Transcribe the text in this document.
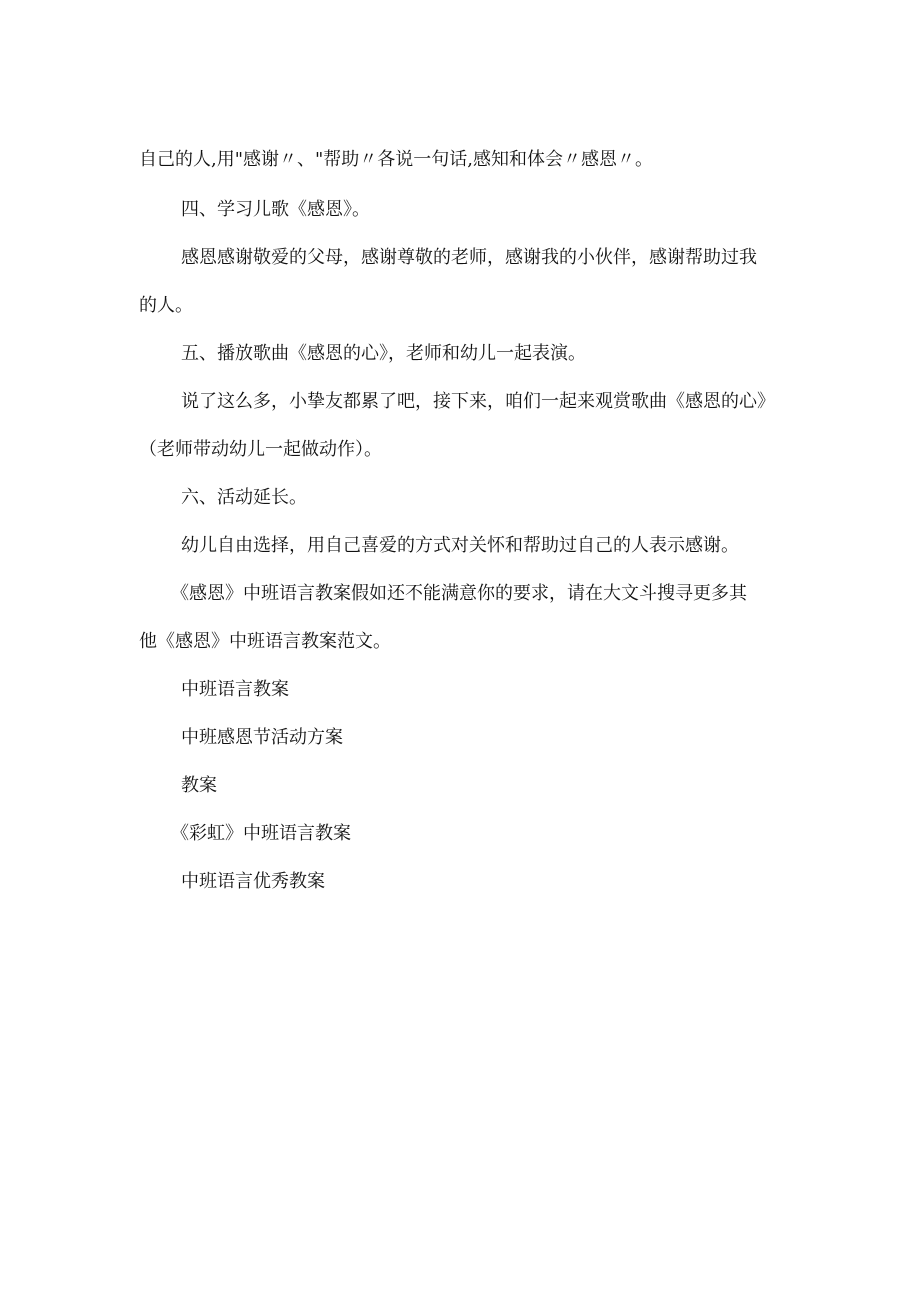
自己的人,用"感谢〃、"帮助〃各说一句话,感知和体会〃感恩〃。

四、学习儿歌《感恩》。

感恩感谢敬爱的父母，感谢尊敬的老师，感谢我的小伙伴，感谢帮助过我

的人。

五、播放歌曲《感恩的心》，老师和幼儿一起表演。

说了这么多，小挚友都累了吧，接下来，咱们一起来观赏歌曲《感恩的心》

（老师带动幼儿一起做动作）。

六、活动延长。

幼儿自由选择，用自己喜爱的方式对关怀和帮助过自己的人表示感谢。

《感恩》中班语言教案假如还不能满意你的要求，请在大文斗搜寻更多其

他《感恩》中班语言教案范文。

中班语言教案

中班感恩节活动方案

教案

《彩虹》中班语言教案

中班语言优秀教案
